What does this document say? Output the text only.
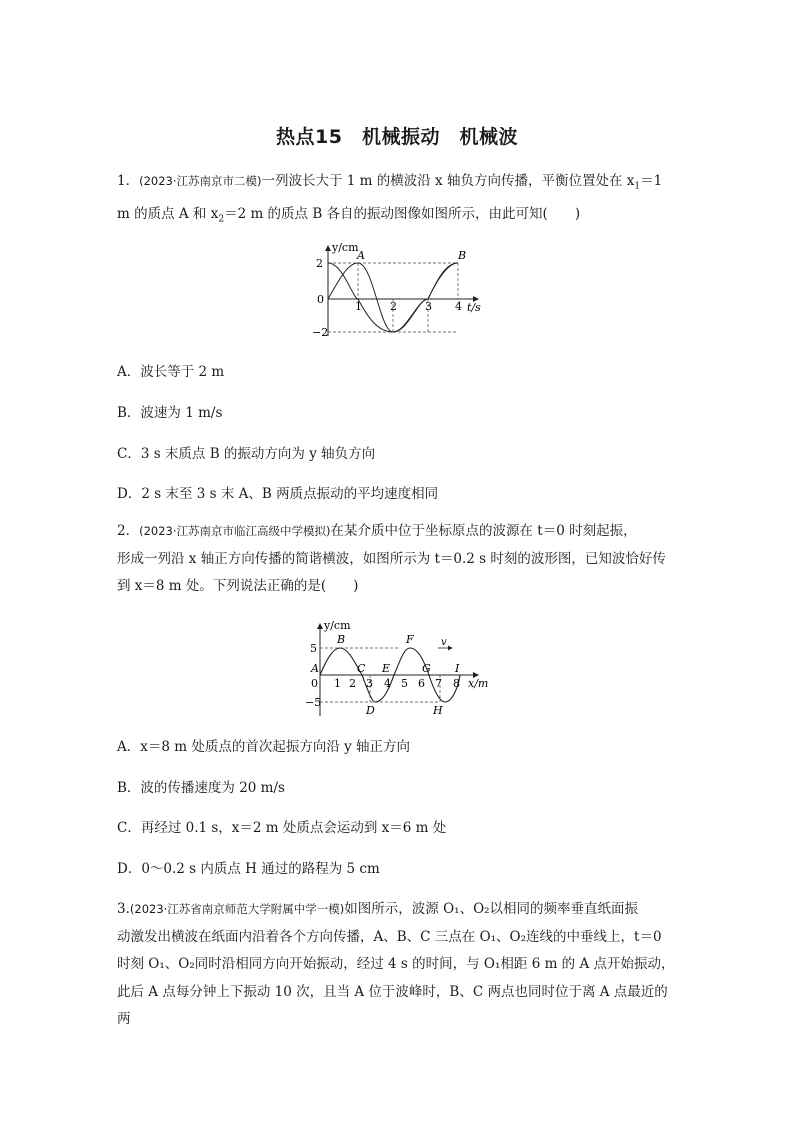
热点15　机械振动　机械波
1．(2023·江苏南京市二模)一列波长大于 1 m 的横波沿 x 轴负方向传播，平衡位置处在 $x_1=1$
m 的质点 A 和 $x_2=2$ m 的质点 B 各自的振动图像如图所示，由此可知(　　)
y/cm
t/s
2
0
−2
1	2	3 4
A	B
A．波长等于 2 m
B．波速为 1 m/s
C．3 s 末质点 B 的振动方向为 y 轴负方向
D．2 s 末至 3 s 末 A、B 两质点振动的平均速度相同
2．(2023·江苏南京市临江高级中学模拟)在某介质中位于坐标原点的波源在 t＝0 时刻起振，
形成一列沿 x 轴正方向传播的简谐横波，如图所示为 t＝0.2 s 时刻的波形图，已知波恰好传
到 x＝8 m 处。下列说法正确的是(　　)
v
y/cm
x/m
5
0
−5
1 2 3 4 5 6 7 8
A
B
C
D
E
F
G
H
I
A．x＝8 m 处质点的首次起振方向沿 y 轴正方向
B．波的传播速度为 20 m/s
C．再经过 0.1 s，x＝2 m 处质点会运动到 x＝6 m 处
D．0～0.2 s 内质点 H 通过的路程为 5 cm
3.(2023·江苏省南京师范大学附属中学一模)如图所示，波源 O₁、O₂以相同的频率垂直纸面振
动激发出横波在纸面内沿着各个方向传播，A、B、C 三点在 O₁、O₂连线的中垂线上，t＝0
时刻 O₁、O₂同时沿相同方向开始振动，经过 4 s 的时间，与 O₁相距 6 m 的 A 点开始振动，
此后 A 点每分钟上下振动 10 次，且当 A 位于波峰时，B、C 两点也同时位于离 A 点最近的两
